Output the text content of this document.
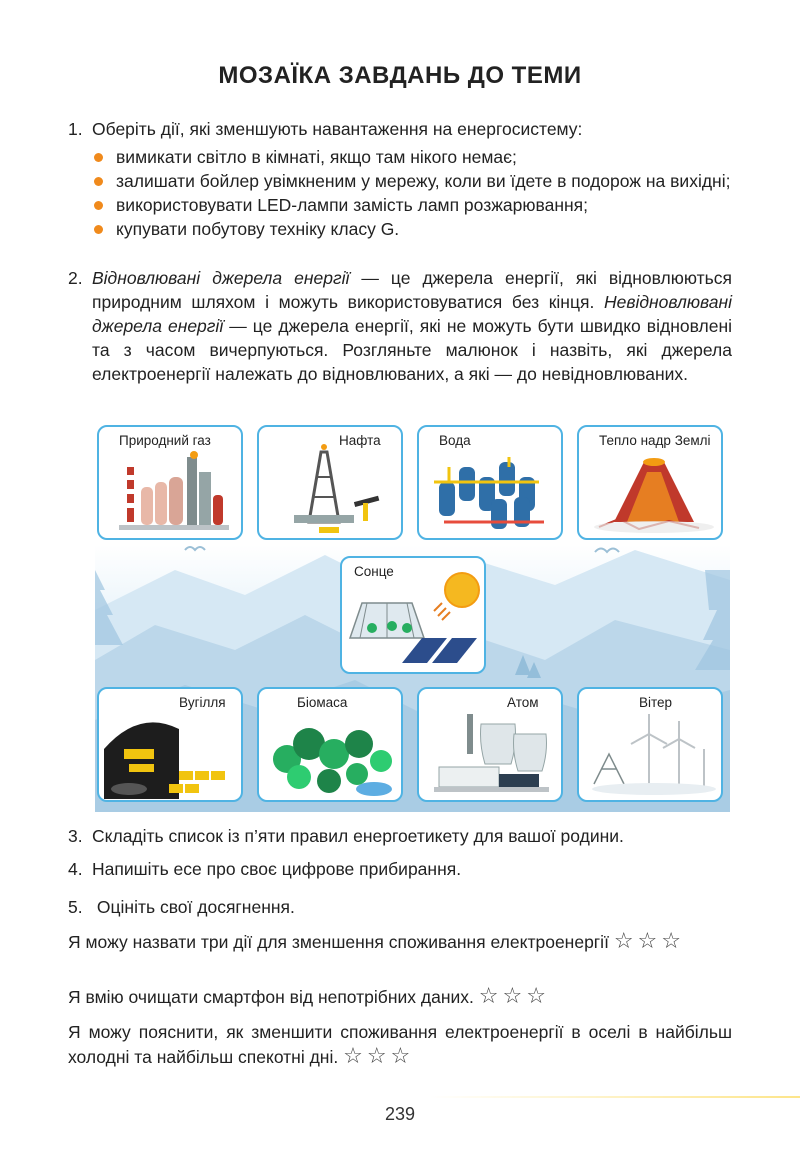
МОЗАЇКА ЗАВДАНЬ ДО ТЕМИ
1. Оберіть дії, які зменшують навантаження на енергосистему:
вимикати світло в кімнаті, якщо там нікого немає;
залишати бойлер увімкненим у мережу, коли ви їдете в подорож на вихідні;
використовувати LED-лампи замість ламп розжарювання;
купувати побутову техніку класу G.
2. Відновлювані джерела енергії — це джерела енергії, які відновлюються природним шляхом і можуть використовуватися без кінця. Невідновлювані джерела енергії — це джерела енергії, які не можуть бути швидко відновлені та з часом вичерпуються. Розгляньте малюнок і назвіть, які джерела електроенергії належать до відновлюваних, а які — до невідновлюваних.
Природний газ	Нафта	Вода	Тепло надр Землі
Сонце
Вугілля	Біомаса	Атом	Вітер
3. Складіть список із п’яти правил енергоетикету для вашої родини.
4. Напишіть есе про своє цифрове прибирання.
5. Оцініть свої досягнення.
Я можу назвати три дії для зменшення споживання електроенергії ☆☆☆
Я вмію очищати смартфон від непотрібних даних. ☆☆☆
Я можу пояснити, як зменшити споживання електроенергії в оселі в найбільш холодні та найбільш спекотні дні. ☆☆☆
239
